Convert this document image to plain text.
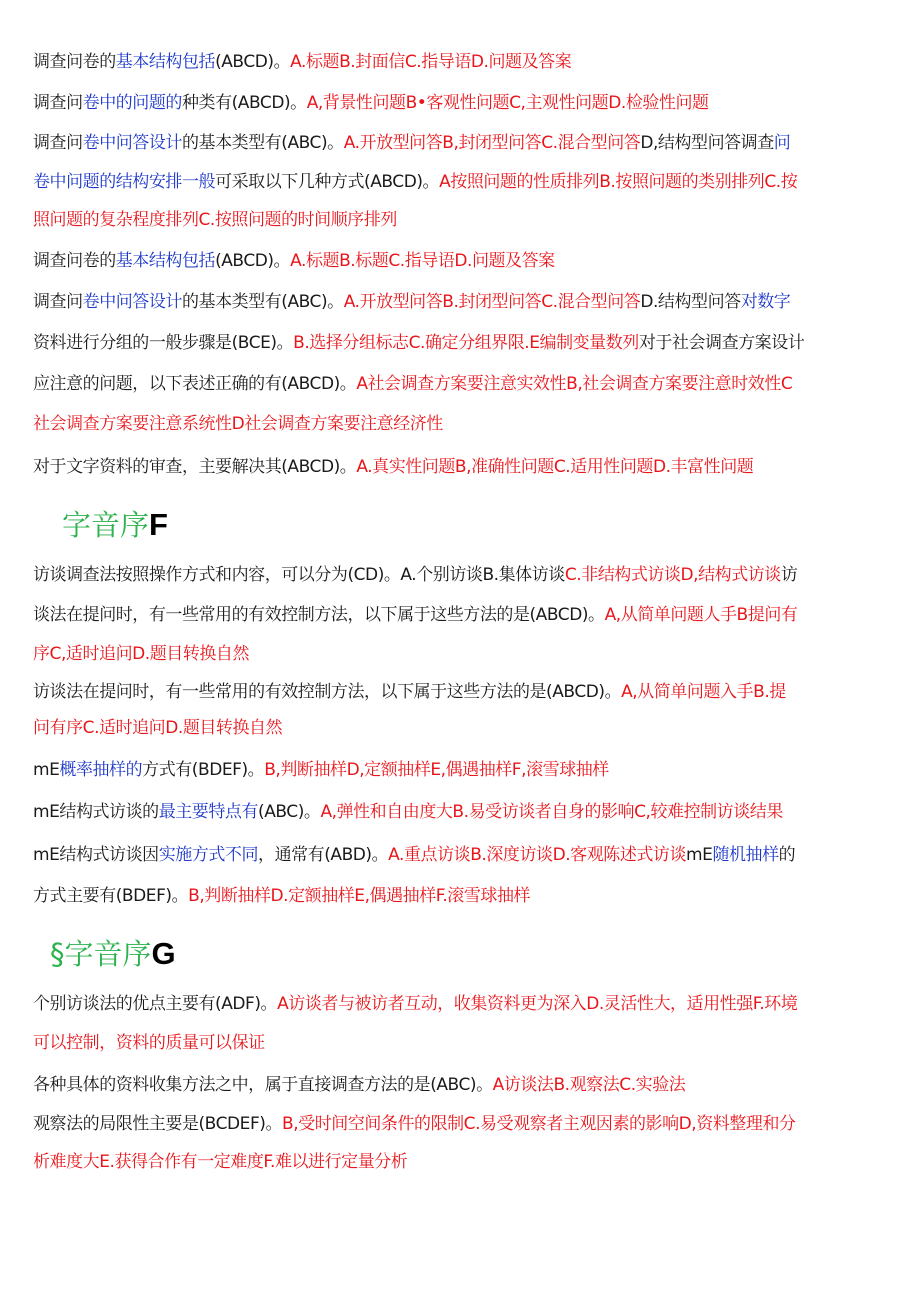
调查问卷的基本结构包括(ABCD)。A.标题B.封面信C.指导语D.问题及答案
调查问卷中的问题的种类有(ABCD)。A,背景性问题B•客观性问题C,主观性问题D.检验性问题
调查问卷中问答设计的基本类型有(ABC)。A.开放型问答B,封闭型问答C.混合型问答D,结构型问答调查问
卷中问题的结构安排一般可采取以下几种方式(ABCD)。A按照问题的性质排列B.按照问题的类别排列C.按
照问题的复杂程度排列C.按照问题的时间顺序排列
调查问卷的基本结构包括(ABCD)。A.标题B.标题C.指导语D.问题及答案
调查问卷中问答设计的基本类型有(ABC)。A.开放型问答B.封闭型问答C.混合型问答D.结构型问答对数字
资料进行分组的一般步骤是(BCE)。B.选择分组标志C.确定分组界限.E编制变量数列对于社会调查方案设计
应注意的问题，以下表述正确的有(ABCD)。A社会调查方案要注意实效性B,社会调查方案要注意时效性C
社会调查方案要注意系统性D社会调查方案要注意经济性
对于文字资料的审查，主要解决其(ABCD)。A.真实性问题B,准确性问题C.适用性问题D.丰富性问题
访谈调查法按照操作方式和内容，可以分为(CD)。A.个别访谈B.集体访谈C.非结构式访谈D,结构式访谈访
谈法在提问时，有一些常用的有效控制方法，以下属于这些方法的是(ABCD)。A,从简单问题人手B提问有
序C,适时追问D.题目转换自然
访谈法在提问时，有一些常用的有效控制方法，以下属于这些方法的是(ABCD)。A,从简单问题入手B.提
问有序C.适时追问D.题目转换自然
mE概率抽样的方式有(BDEF)。B,判断抽样D,定额抽样E,偶遇抽样F,滚雪球抽样
mE结构式访谈的最主要特点有(ABC)。A,弹性和自由度大B.易受访谈者自身的影响C,较难控制访谈结果
mE结构式访谈因实施方式不同，通常有(ABD)。A.重点访谈B.深度访谈D.客观陈述式访谈mE随机抽样的
方式主要有(BDEF)。B,判断抽样D.定额抽样E,偶遇抽样F.滚雪球抽样
个别访谈法的优点主要有(ADF)。A访谈者与被访者互动，收集资料更为深入D.灵活性大，适用性强F.环境
可以控制，资料的质量可以保证
各种具体的资料收集方法之中，属于直接调查方法的是(ABC)。A访谈法B.观察法C.实验法
观察法的局限性主要是(BCDEF)。B,受时间空间条件的限制C.易受观察者主观因素的影响D,资料整理和分
析难度大E.获得合作有一定难度F.难以进行定量分析
字音序F
§字音序G
